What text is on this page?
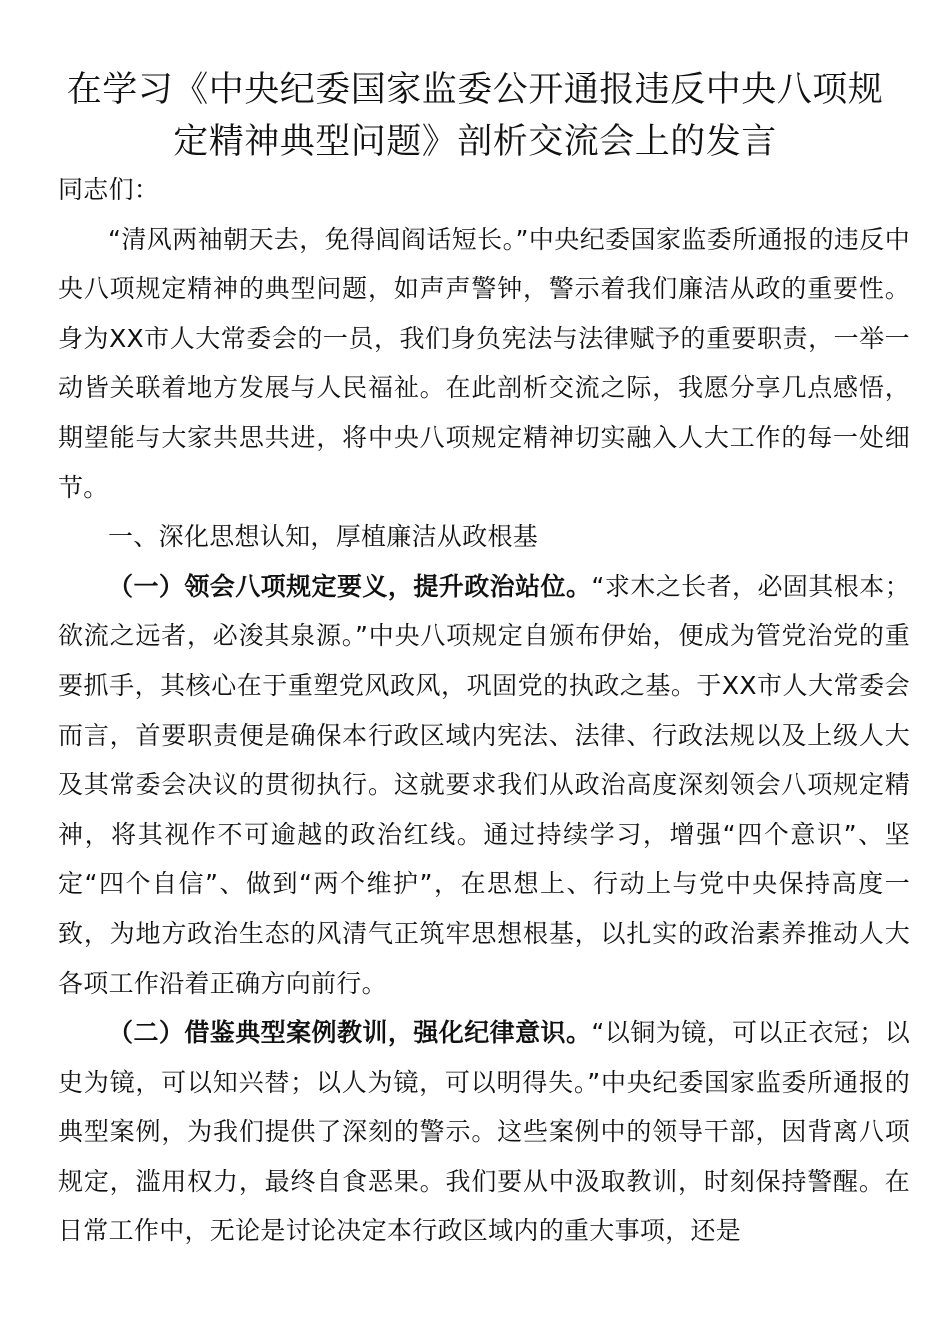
在学习《中央纪委国家监委公开通报违反中央八项规定精神典型问题》剖析交流会上的发言

同志们：

“清风两袖朝天去，免得闾阎话短长。”中央纪委国家监委所通报的违反中央八项规定精神的典型问题，如声声警钟，警示着我们廉洁从政的重要性。身为XX市人大常委会的一员，我们身负宪法与法律赋予的重要职责，一举一动皆关联着地方发展与人民福祉。在此剖析交流之际，我愿分享几点感悟，期望能与大家共思共进，将中央八项规定精神切实融入人大工作的每一处细节。

一、深化思想认知，厚植廉洁从政根基

（一）领会八项规定要义，提升政治站位。“求木之长者，必固其根本；欲流之远者，必浚其泉源。”中央八项规定自颁布伊始，便成为管党治党的重要抓手，其核心在于重塑党风政风，巩固党的执政之基。于XX市人大常委会而言，首要职责便是确保本行政区域内宪法、法律、行政法规以及上级人大及其常委会决议的贯彻执行。这就要求我们从政治高度深刻领会八项规定精神，将其视作不可逾越的政治红线。通过持续学习，增强“四个意识”、坚定“四个自信”、做到“两个维护”，在思想上、行动上与党中央保持高度一致，为地方政治生态的风清气正筑牢思想根基，以扎实的政治素养推动人大各项工作沿着正确方向前行。

（二）借鉴典型案例教训，强化纪律意识。“以铜为镜，可以正衣冠；以史为镜，可以知兴替；以人为镜，可以明得失。”中央纪委国家监委所通报的典型案例，为我们提供了深刻的警示。这些案例中的领导干部，因背离八项规定，滥用权力，最终自食恶果。我们要从中汲取教训，时刻保持警醒。在日常工作中，无论是讨论决定本行政区域内的重大事项，还是
